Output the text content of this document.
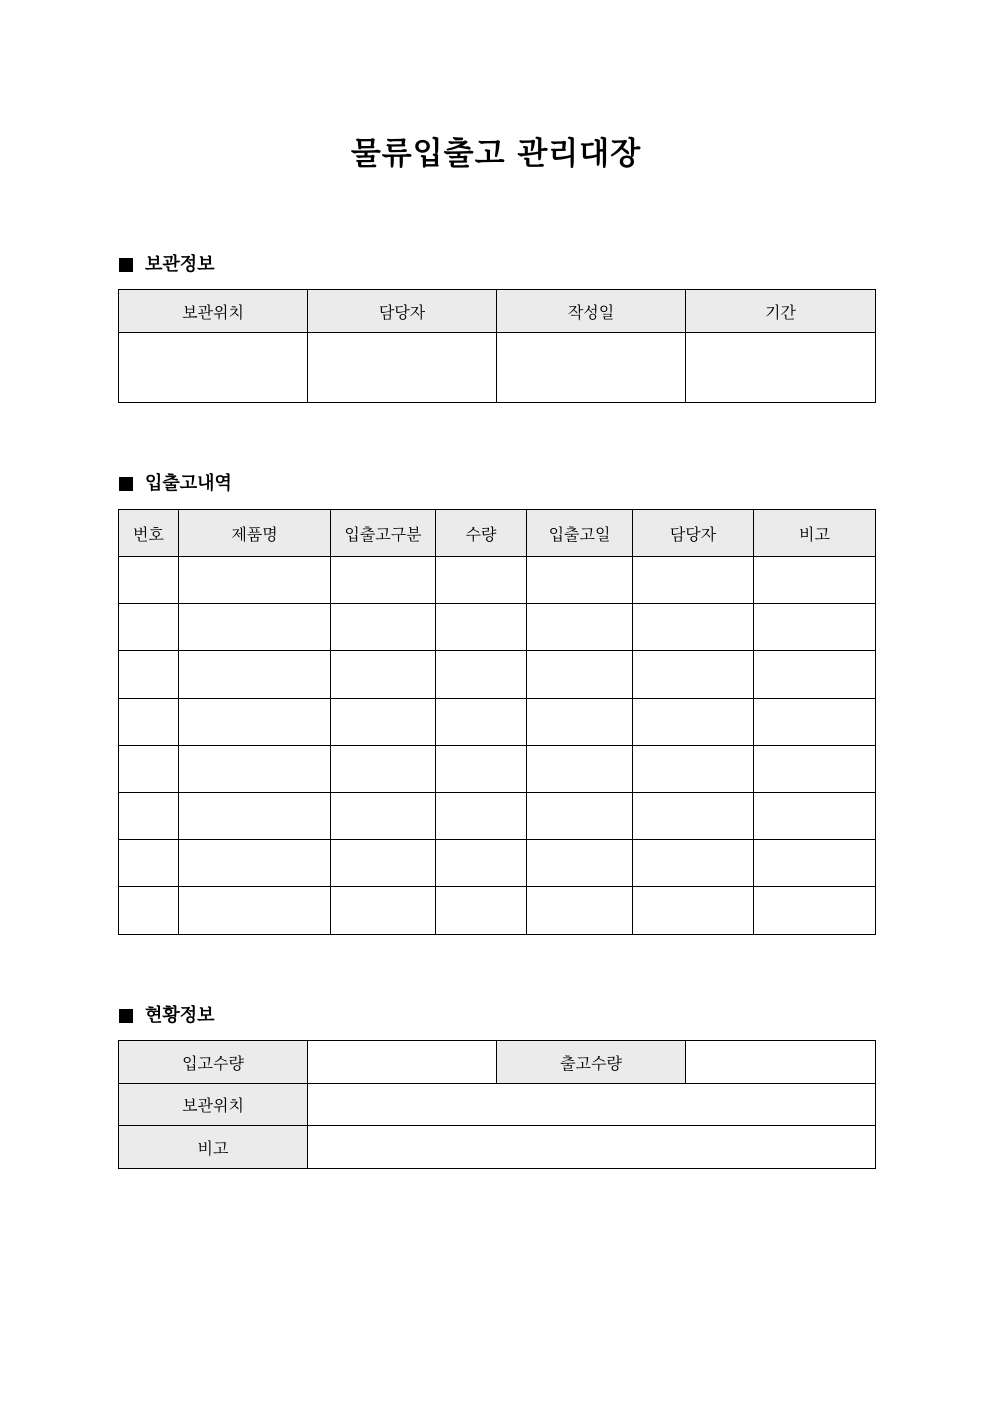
물류입출고 관리대장
보관정보
보관위치	담당자	작성일	기간

입출고내역
번호	제품명	입출고구분	수량	입출고일	담당자	비고

현황정보
입고수량		출고수량	
보관위치			
비고			
